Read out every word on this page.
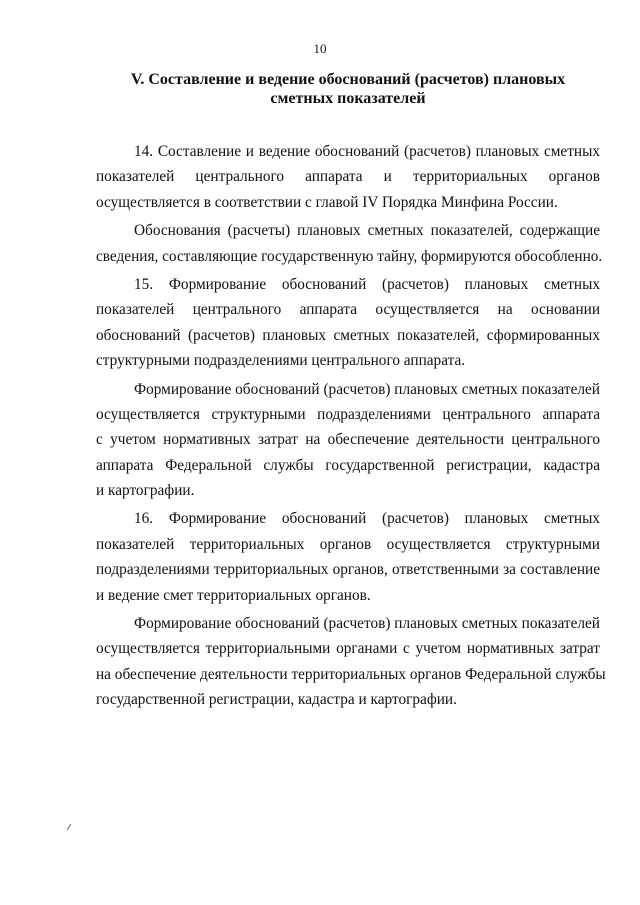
10
V. Составление и ведение обоснований (расчетов) плановых
сметных показателей
14. Составление и ведение обоснований (расчетов) плановых сметных
показателей центрального аппарата и территориальных органов
осуществляется в соответствии с главой IV Порядка Минфина России.
Обоснования (расчеты) плановых сметных показателей, содержащие
сведения, составляющие государственную тайну, формируются обособленно.
15. Формирование обоснований (расчетов) плановых сметных
показателей центрального аппарата осуществляется на основании
обоснований (расчетов) плановых сметных показателей, сформированных
структурными подразделениями центрального аппарата.
Формирование обоснований (расчетов) плановых сметных показателей
осуществляется структурными подразделениями центрального аппарата
с учетом нормативных затрат на обеспечение деятельности центрального
аппарата Федеральной службы государственной регистрации, кадастра
и картографии.
16. Формирование обоснований (расчетов) плановых сметных
показателей территориальных органов осуществляется структурными
подразделениями территориальных органов, ответственными за составление
и ведение смет территориальных органов.
Формирование обоснований (расчетов) плановых сметных показателей
осуществляется территориальными органами с учетом нормативных затрат
на обеспечение деятельности территориальных органов Федеральной службы
государственной регистрации, кадастра и картографии.
